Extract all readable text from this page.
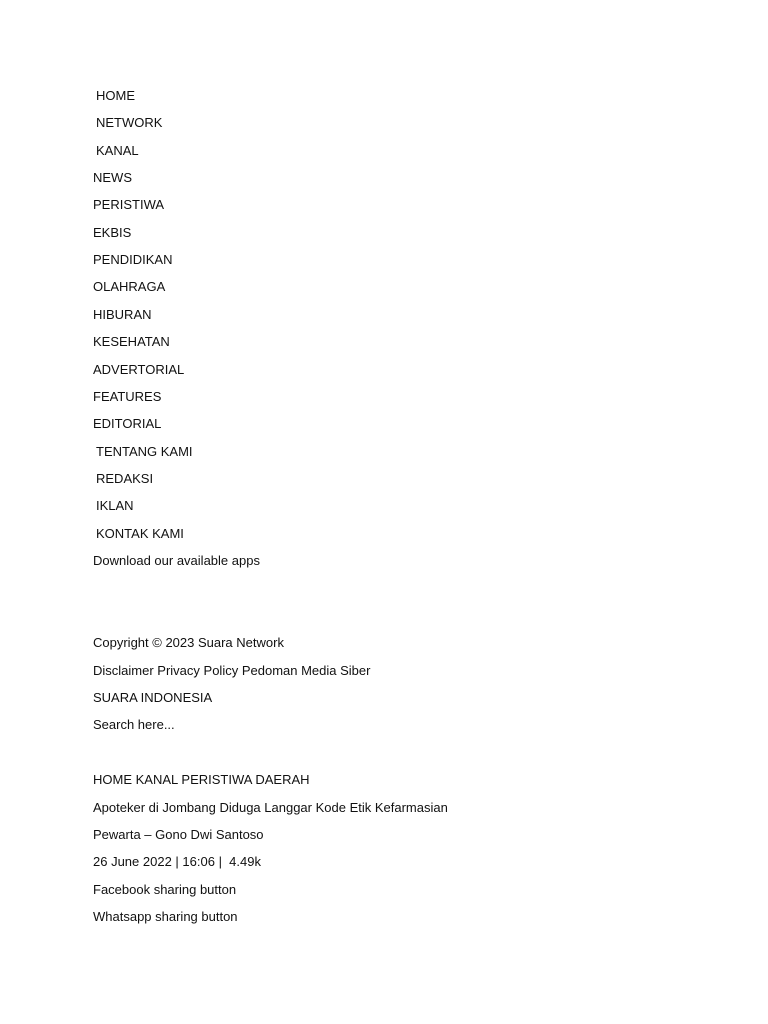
HOME
NETWORK
KANAL
NEWS
PERISTIWA
EKBIS
PENDIDIKAN
OLAHRAGA
HIBURAN
KESEHATAN
ADVERTORIAL
FEATURES
EDITORIAL
TENTANG KAMI
REDAKSI
IKLAN
KONTAK KAMI
Download our available apps
Copyright © 2023 Suara Network
Disclaimer Privacy Policy Pedoman Media Siber
SUARA INDONESIA
Search here...
HOME KANAL PERISTIWA DAERAH
Apoteker di Jombang Diduga Langgar Kode Etik Kefarmasian
Pewarta – Gono Dwi Santoso
26 June 2022 | 16:06 |  4.49k
Facebook sharing button
Whatsapp sharing button
